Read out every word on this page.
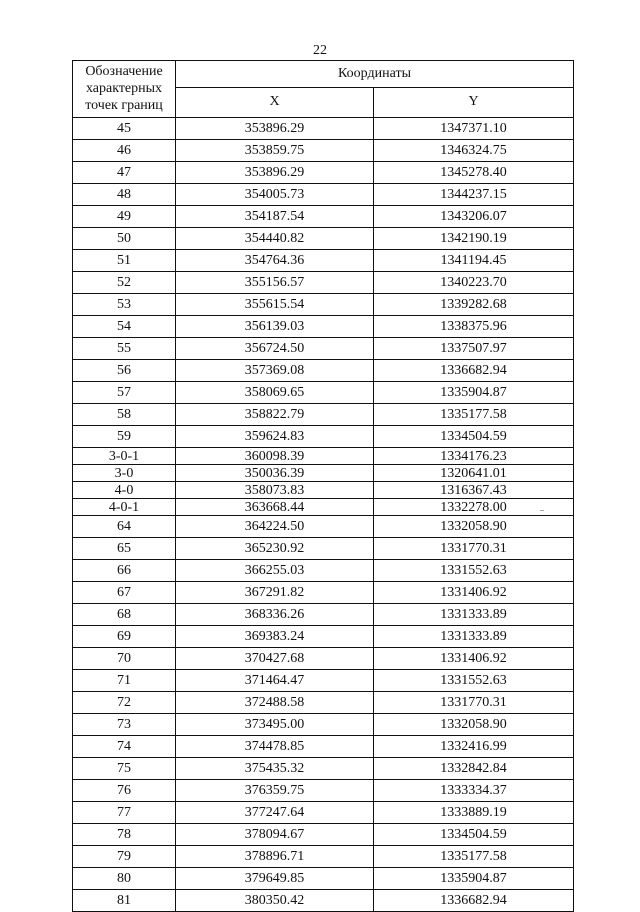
22
Обозначение характерных точек границ	Координаты	
	X	Y
45	353896.29	1347371.10
46	353859.75	1346324.75
47	353896.29	1345278.40
48	354005.73	1344237.15
49	354187.54	1343206.07
50	354440.82	1342190.19
51	354764.36	1341194.45
52	355156.57	1340223.70
53	355615.54	1339282.68
54	356139.03	1338375.96
55	356724.50	1337507.97
56	357369.08	1336682.94
57	358069.65	1335904.87
58	358822.79	1335177.58
59	359624.83	1334504.59
3-0-1	360098.39	1334176.23
3-0	350036.39	1320641.01
4-0	358073.83	1316367.43
4-0-1	363668.44	1332278.00
64	364224.50	1332058.90
65	365230.92	1331770.31
66	366255.03	1331552.63
67	367291.82	1331406.92
68	368336.26	1331333.89
69	369383.24	1331333.89
70	370427.68	1331406.92
71	371464.47	1331552.63
72	372488.58	1331770.31
73	373495.00	1332058.90
74	374478.85	1332416.99
75	375435.32	1332842.84
76	376359.75	1333334.37
77	377247.64	1333889.19
78	378094.67	1334504.59
79	378896.71	1335177.58
80	379649.85	1335904.87
81	380350.42	1336682.94
